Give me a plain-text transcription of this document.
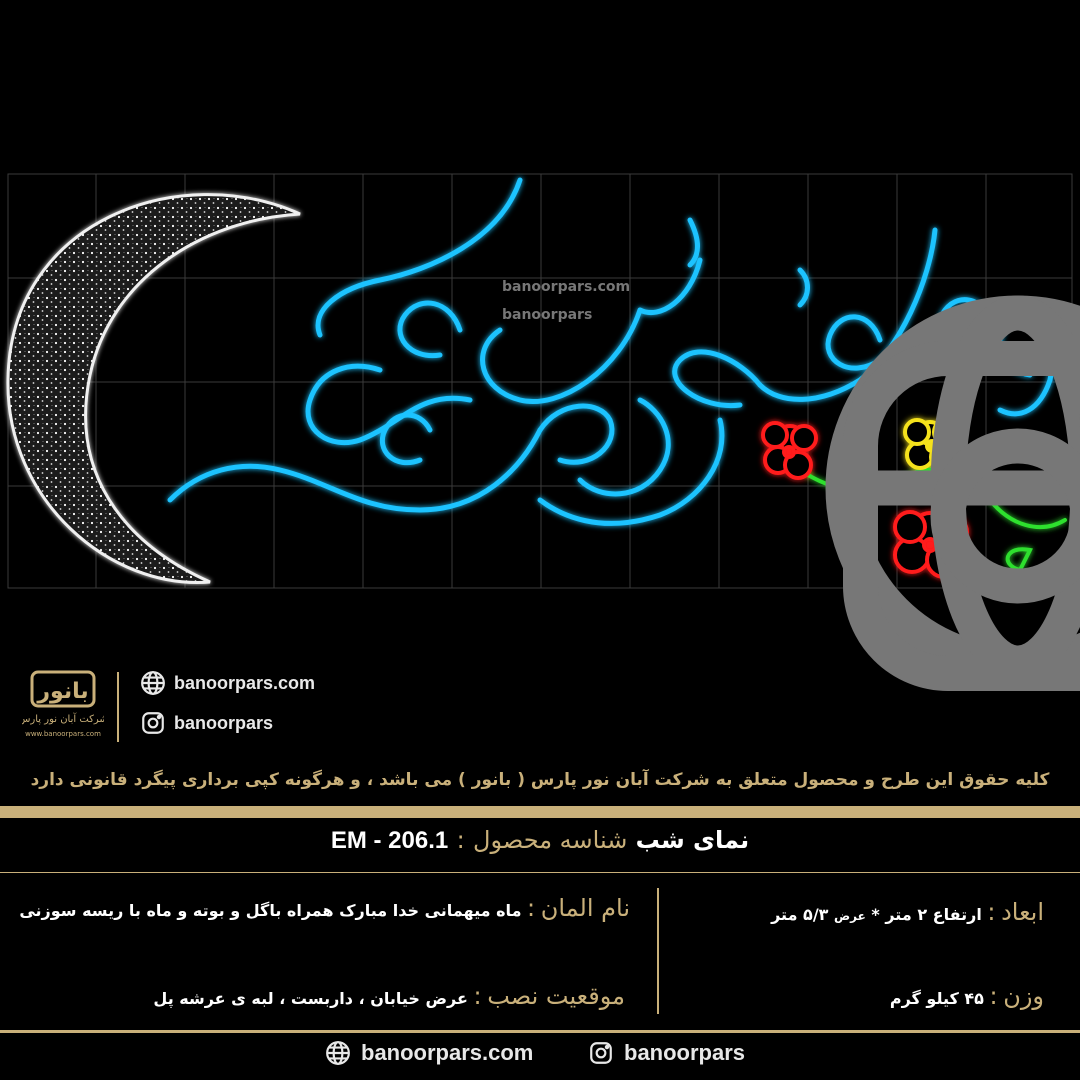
banoorpars.com
banoorpars
بانور
شرکت آبان نور پارس
www.banoorpars.com
banoorpars.com
banoorpars
کلیه حقوق این طرح و محصول متعلق به شرکت آبان نور پارس ( بانور ) می باشد ، و هرگونه کپی برداری پیگرد قانونی دارد
نمای شب شناسه محصول : EM - 206.1
نام المان : ماه میهمانی خدا مبارک همراه باگل و بوته و ماه با ریسه سوزنی	ابعاد : ارتفاع ۲ متر * عرض ۵/۳ متر
موقعیت نصب : عرض خیابان ، داربست ، لبه ی عرشه پل	وزن : ۴۵ کیلو گرم
banoorpars.com	banoorpars
